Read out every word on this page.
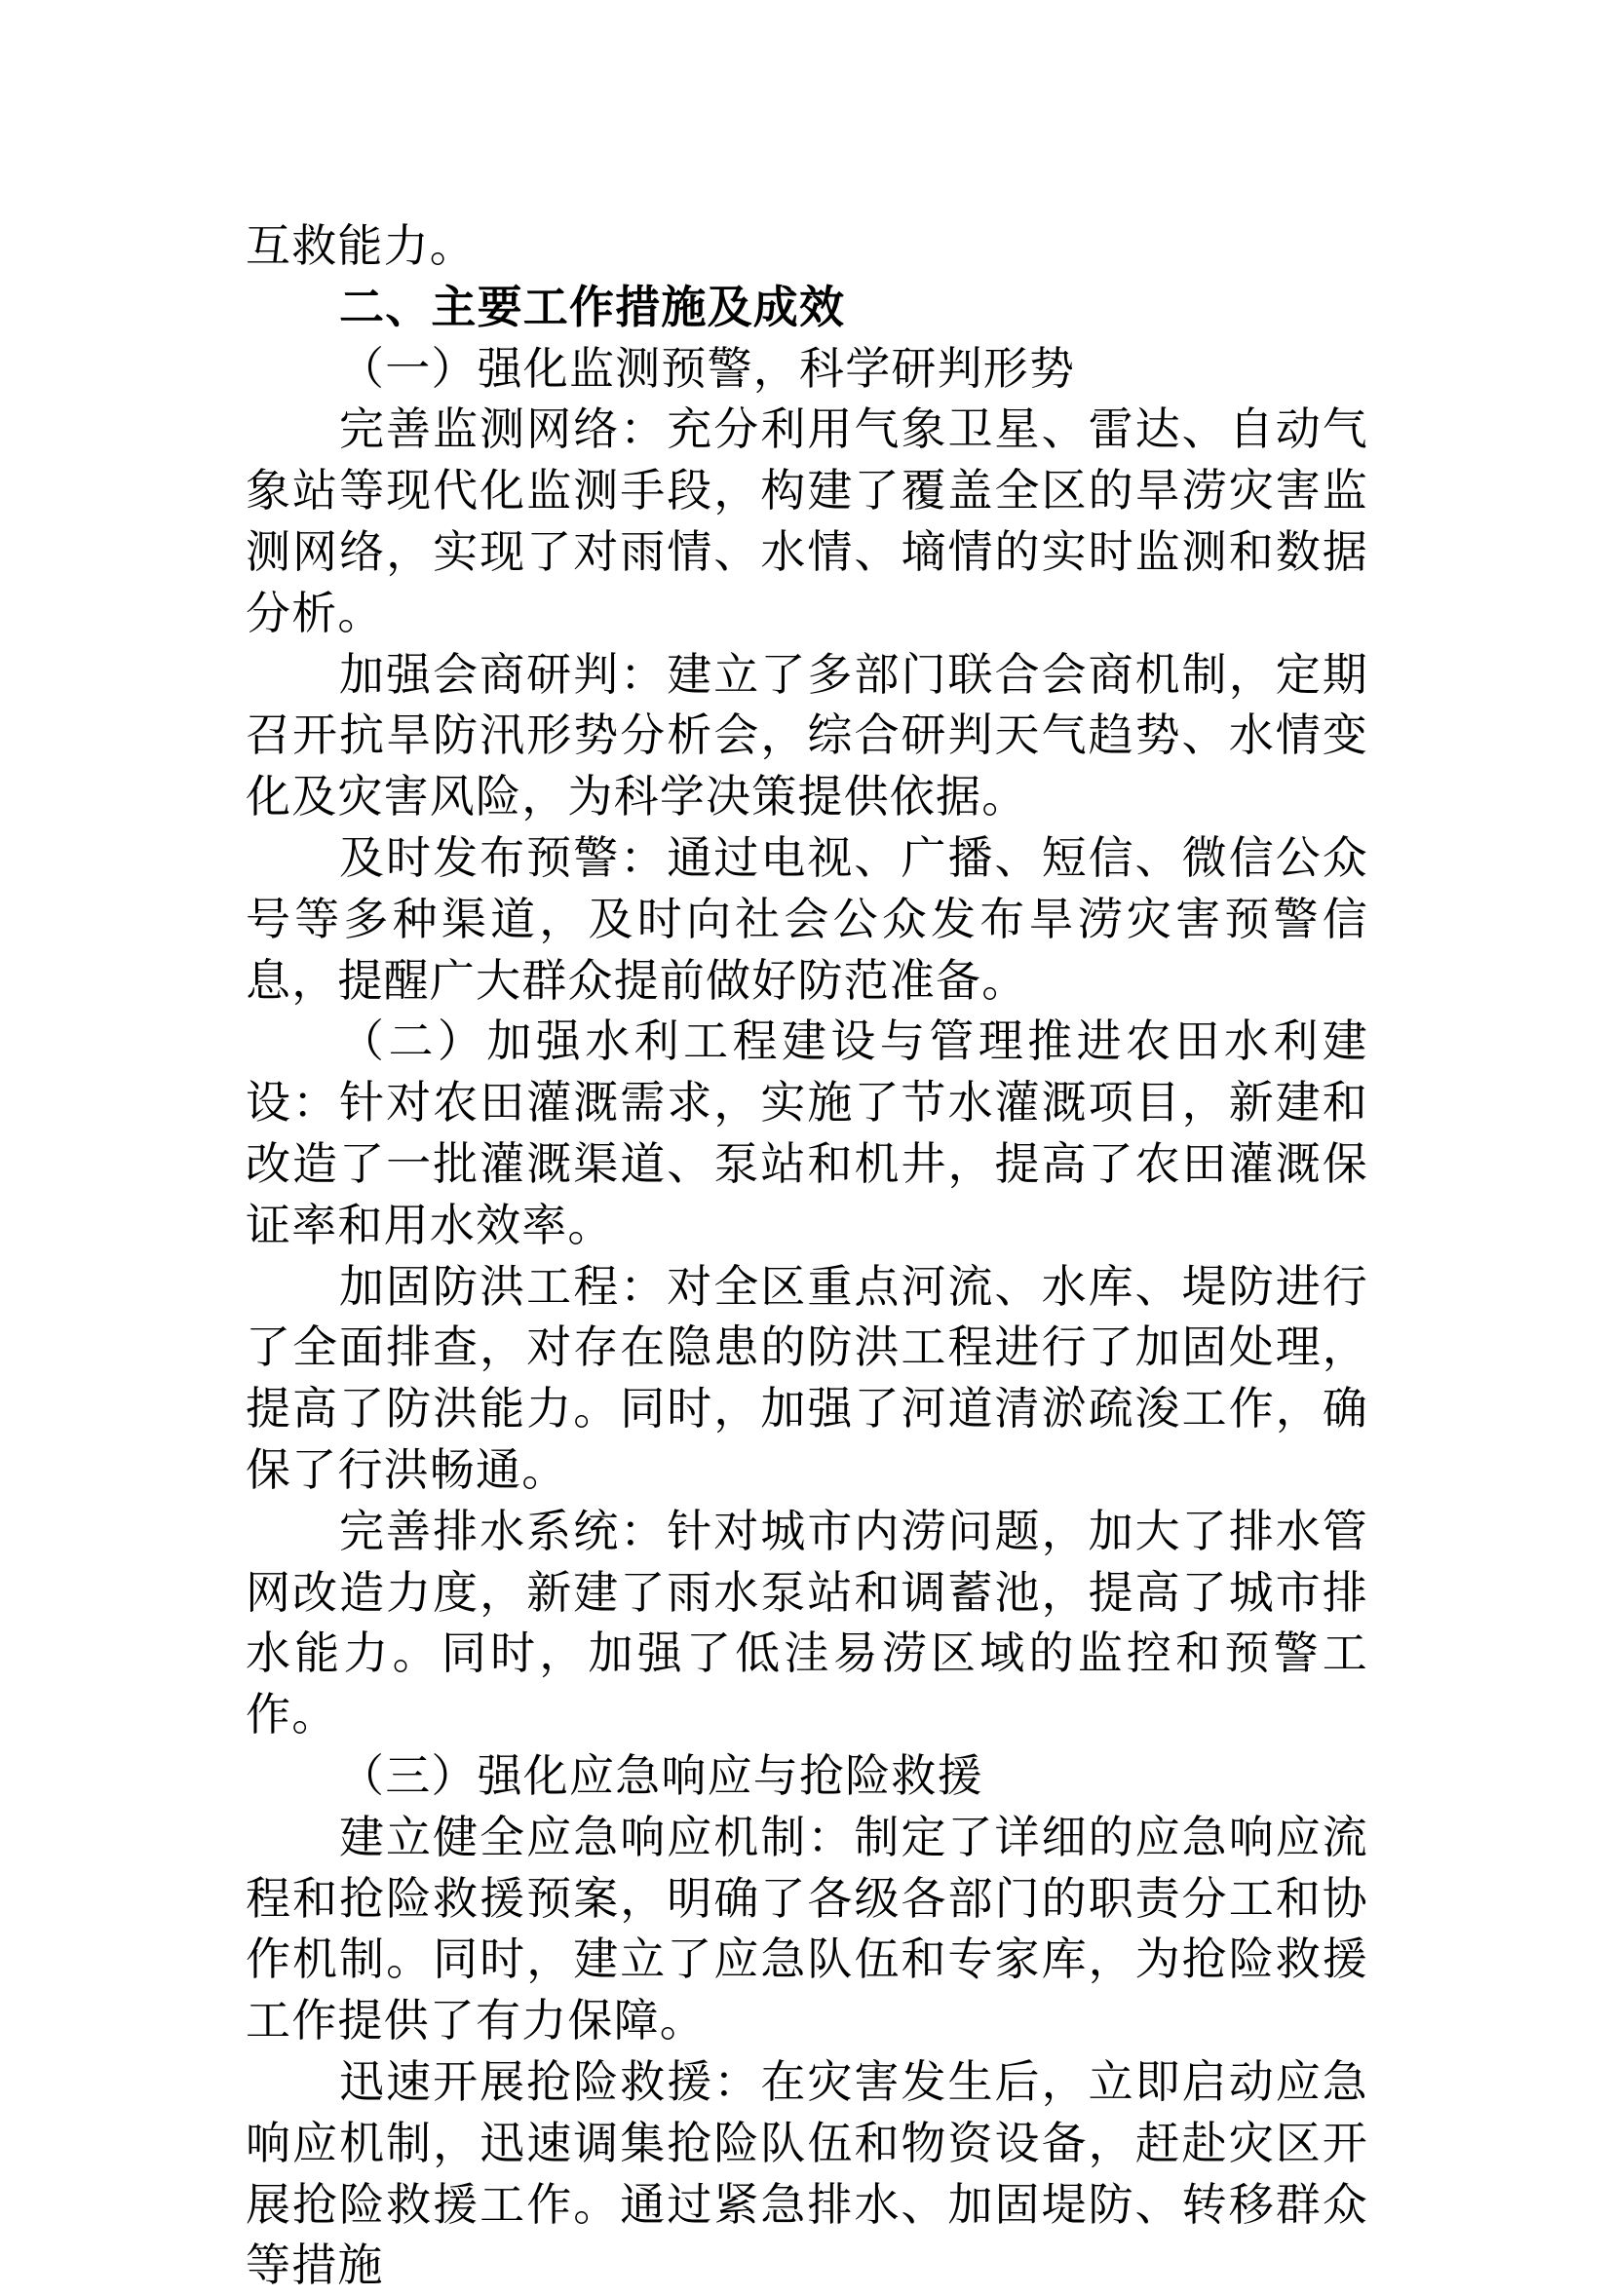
互救能力。

二、主要工作措施及成效

（一）强化监测预警，科学研判形势

完善监测网络：充分利用气象卫星、雷达、自动气象站等现代化监测手段，构建了覆盖全区的旱涝灾害监测网络，实现了对雨情、水情、墒情的实时监测和数据分析。

加强会商研判：建立了多部门联合会商机制，定期召开抗旱防汛形势分析会，综合研判天气趋势、水情变化及灾害风险，为科学决策提供依据。

及时发布预警：通过电视、广播、短信、微信公众号等多种渠道，及时向社会公众发布旱涝灾害预警信息，提醒广大群众提前做好防范准备。

（二）加强水利工程建设与管理推进农田水利建设：针对农田灌溉需求，实施了节水灌溉项目，新建和改造了一批灌溉渠道、泵站和机井，提高了农田灌溉保证率和用水效率。

加固防洪工程：对全区重点河流、水库、堤防进行了全面排查，对存在隐患的防洪工程进行了加固处理，提高了防洪能力。同时，加强了河道清淤疏浚工作，确保了行洪畅通。

完善排水系统：针对城市内涝问题，加大了排水管网改造力度，新建了雨水泵站和调蓄池，提高了城市排水能力。同时，加强了低洼易涝区域的监控和预警工作。

（三）强化应急响应与抢险救援

建立健全应急响应机制：制定了详细的应急响应流程和抢险救援预案，明确了各级各部门的职责分工和协作机制。同时，建立了应急队伍和专家库，为抢险救援工作提供了有力保障。

迅速开展抢险救援：在灾害发生后，立即启动应急响应机制，迅速调集抢险队伍和物资设备，赶赴灾区开展抢险救援工作。通过紧急排水、加固堤防、转移群众等措施
